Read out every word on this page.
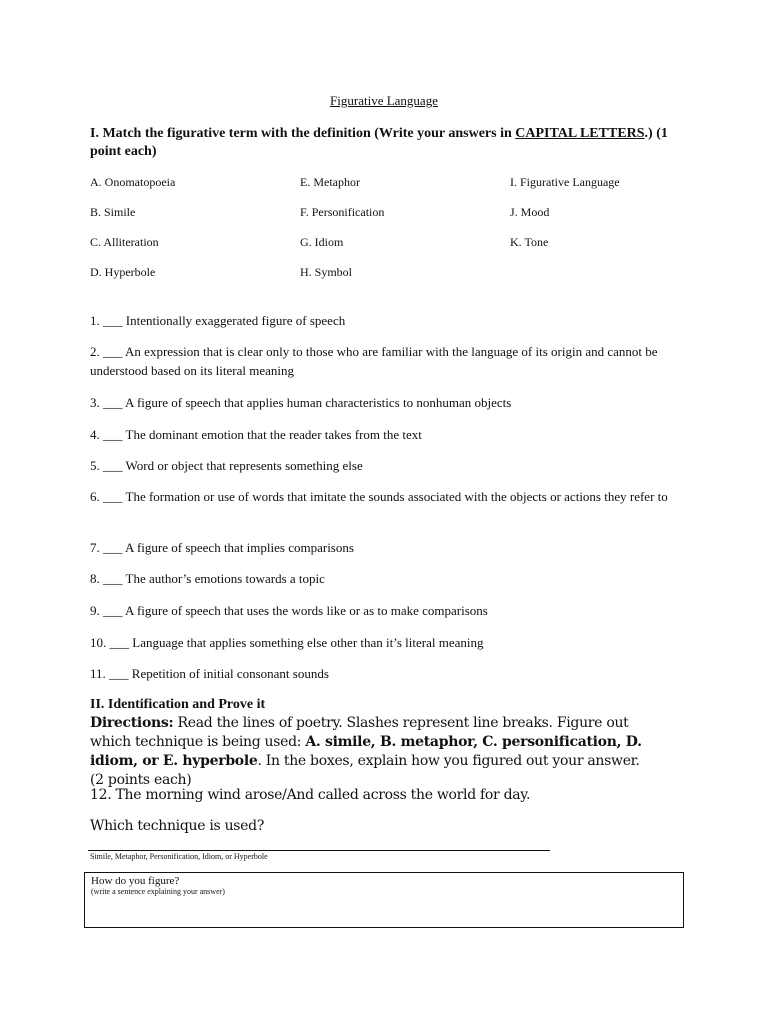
Figurative Language
I. Match the figurative term with the definition (Write your answers in CAPITAL LETTERS.) (1 point each)
A. Onomatopoeia	E. Metaphor	I. Figurative Language
B. Simile	F. Personification	J. Mood
C. Alliteration	G. Idiom	K. Tone
D. Hyperbole	H. Symbol
1. ___ Intentionally exaggerated figure of speech
2. ___ An expression that is clear only to those who are familiar with the language of its origin and cannot be understood based on its literal meaning
3. ___ A figure of speech that applies human characteristics to nonhuman objects
4. ___ The dominant emotion that the reader takes from the text
5. ___ Word or object that represents something else
6. ___ The formation or use of words that imitate the sounds associated with the objects or actions they refer to
7. ___ A figure of speech that implies comparisons
8. ___ The author’s emotions towards a topic
9. ___ A figure of speech that uses the words like or as to make comparisons
10. ___ Language that applies something else other than it’s literal meaning
11. ___ Repetition of initial consonant sounds
II. Identification and Prove it
Directions: Read the lines of poetry. Slashes represent line breaks. Figure out which technique is being used: A. simile, B. metaphor, C. personification, D. idiom, or E. hyperbole. In the boxes, explain how you figured out your answer. (2 points each)
12. The morning wind arose/And called across the world for day.
Which technique is used?
Simile, Metaphor, Personification, Idiom, or Hyperbole
How do you figure?
(write a sentence explaining your answer)
